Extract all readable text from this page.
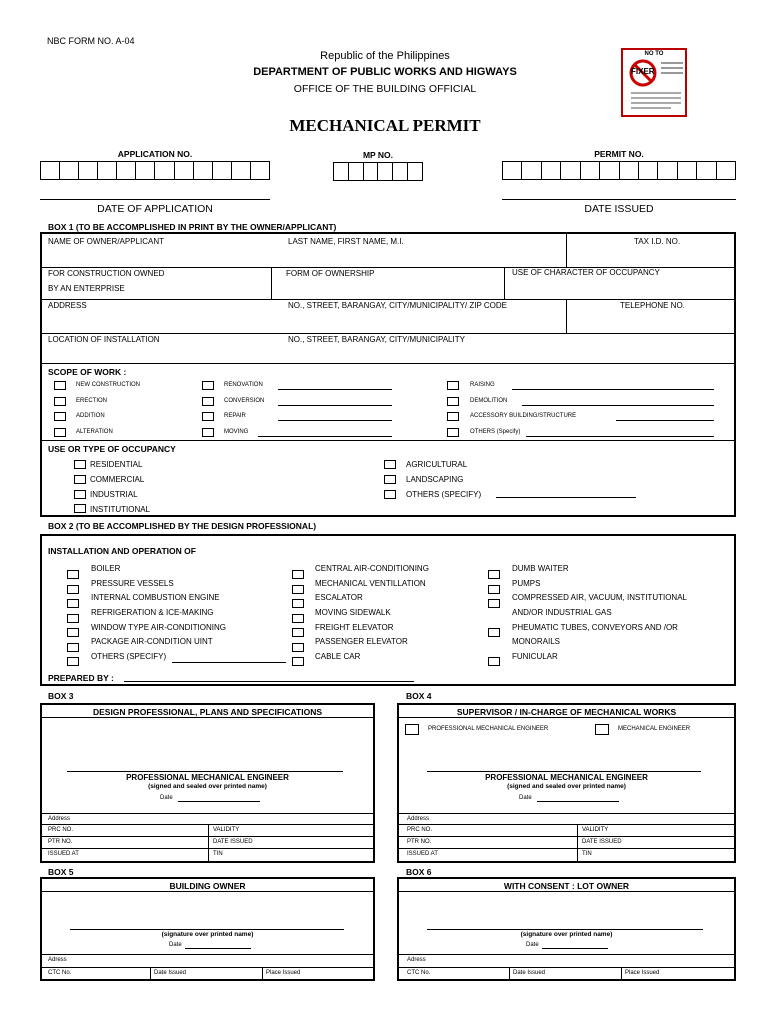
NBC FORM NO. A-04
Republic of the Philippines
DEPARTMENT OF PUBLIC WORKS AND HIGWAYS
OFFICE OF THE BUILDING OFFICIAL
MECHANICAL PERMIT
NO TO
FIXER
APPLICATION NO.	MP NO.	PERMIT NO.
DATE OF APPLICATION	DATE ISSUED
BOX 1 (TO BE ACCOMPLISHED IN PRINT BY THE OWNER/APPLICANT)
NAME OF OWNER/APPLICANT	LAST NAME, FIRST NAME, M.I.	TAX I.D. NO.
FOR CONSTRUCTION OWNED
BY AN ENTERPRISE
FORM OF OWNERSHIP	USE OF CHARACTER OF OCCUPANCY
ADDRESS	NO., STREET, BARANGAY, CITY/MUNICIPALITY/ ZIP CODE	TELEPHONE NO.
LOCATION OF INSTALLATION	NO., STREET, BARANGAY, CITY/MUNICIPALITY
SCOPE OF WORK :
NEW CONSTRUCTION
ERECTION
ADDITION
ALTERATION
RENOVATION
CONVERSION
REPAIR
MOVING
RAISING
DEMOLITION
ACCESSORY BUILDING/STRUCTURE
OTHERS (Specify)
USE OR TYPE OF OCCUPANCY
RESIDENTIAL
COMMERCIAL
INDUSTRIAL
INSTITUTIONAL
AGRICULTURAL
LANDSCAPING
OTHERS (SPECIFY)
BOX 2 (TO BE ACCOMPLISHED BY THE DESIGN PROFESSIONAL)
INSTALLATION AND OPERATION OF
BOILER
PRESSURE VESSELS
INTERNAL COMBUSTION ENGINE
REFRIGERATION & ICE-MAKING
WINDOW TYPE AIR-CONDITIONING
PACKAGE AIR-CONDITION UINT
OTHERS (SPECIFY)
CENTRAL AIR-CONDITIONING
MECHANICAL VENTILLATION
ESCALATOR
MOVING SIDEWALK
FREIGHT ELEVATOR
PASSENGER ELEVATOR
CABLE CAR
DUMB WAITER
PUMPS
COMPRESSED AIR, VACUUM, INSTITUTIONAL
AND/OR INDUSTRIAL GAS
PHEUMATIC TUBES, CONVEYORS AND /OR
MONORAILS
FUNICULAR
PREPARED BY :
BOX 3
DESIGN PROFESSIONAL, PLANS AND SPECIFICATIONS
PROFESSIONAL MECHANICAL ENGINEER
(signed and sealed over printed name)
Date
Address
PRC NO.	VALIDITY
PTR NO.	DATE ISSUED
ISSUED AT	TIN
BOX 4
SUPERVISOR / IN-CHARGE OF MECHANICAL WORKS
PROFESSIONAL MECHANICAL ENGINEER	MECHANICAL ENGINEER
PROFESSIONAL MECHANICAL ENGINEER
(signed and sealed over printed name)
Date
Address
PRC NO.	VALIDITY
PTR NO.	DATE ISSUED
ISSUED AT	TIN
BOX 5
BUILDING OWNER
(signature over printed name)
Date
Adress
CTC No.	Date Issued	Place Issued
BOX 6
WITH CONSENT : LOT OWNER
(signature over printed name)
Date
Adress
CTC No.	Date Issued	Place Issued
